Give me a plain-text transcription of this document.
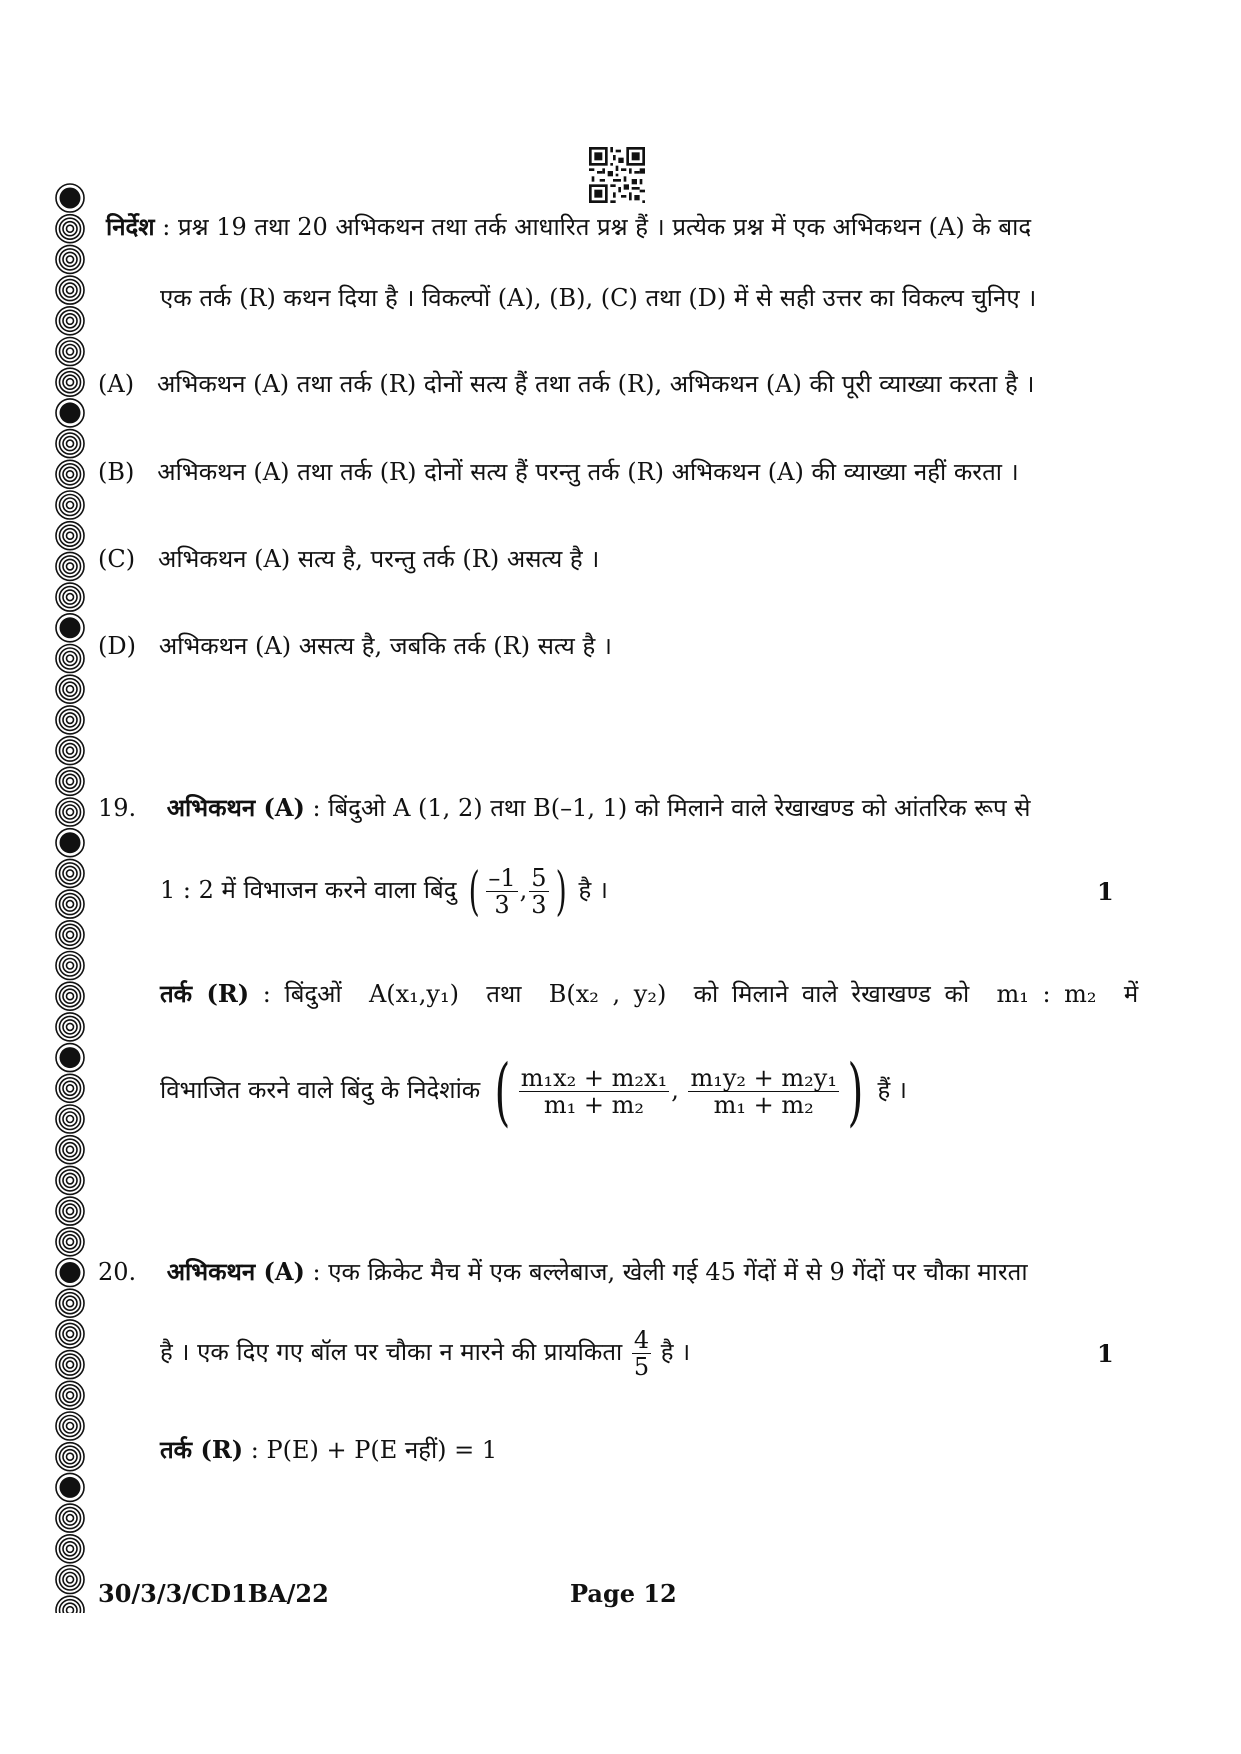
निर्देश : प्रश्न 19 तथा 20 अभिकथन तथा तर्क आधारित प्रश्न हैं । प्रत्येक प्रश्न में एक अभिकथन (A) के बाद
एक तर्क (R) कथन दिया है । विकल्पों (A), (B), (C) तथा (D) में से सही उत्तर का विकल्प चुनिए ।
(A) अभिकथन (A) तथा तर्क (R) दोनों सत्य हैं तथा तर्क (R), अभिकथन (A) की पूरी व्याख्या करता है ।
(B) अभिकथन (A) तथा तर्क (R) दोनों सत्य हैं परन्तु तर्क (R) अभिकथन (A) की व्याख्या नहीं करता ।
(C) अभिकथन (A) सत्य है, परन्तु तर्क (R) असत्य है ।
(D) अभिकथन (A) असत्य है, जबकि तर्क (R) सत्य है ।
19. अभिकथन (A) : बिंदुओ A (1, 2) तथा B(–1, 1) को मिलाने वाले रेखाखण्ड को आंतरिक रूप से
1 : 2 में विभाजन करने वाला बिंदु ( $\frac{-1}{3}$ , $\frac{5}{3}$ ) है ।	1
तर्क (R) : बिंदुओं A(x₁,y₁) तथा B(x₂ , y₂) को मिलाने वाले रेखाखण्ड को m₁ : m₂ में
विभाजित करने वाले बिंदु के निदेशांक ( $\frac{\text{m₁x₂ + m₂x₁}}{\text{m₁ + m₂}}$ , $\frac{\text{m₁y₂ + m₂y₁}}{\text{m₁ + m₂}}$ ) हैं ।
20. अभिकथन (A) : एक क्रिकेट मैच में एक बल्लेबाज, खेली गई 45 गेंदों में से 9 गेंदों पर चौका मारता
है । एक दिए गए बॉल पर चौका न मारने की प्रायकिता $\frac{4}{5}$ है ।	1
तर्क (R) : P(E) + P(E नहीं) = 1
30/3/3/CD1BA/22	Page 12
